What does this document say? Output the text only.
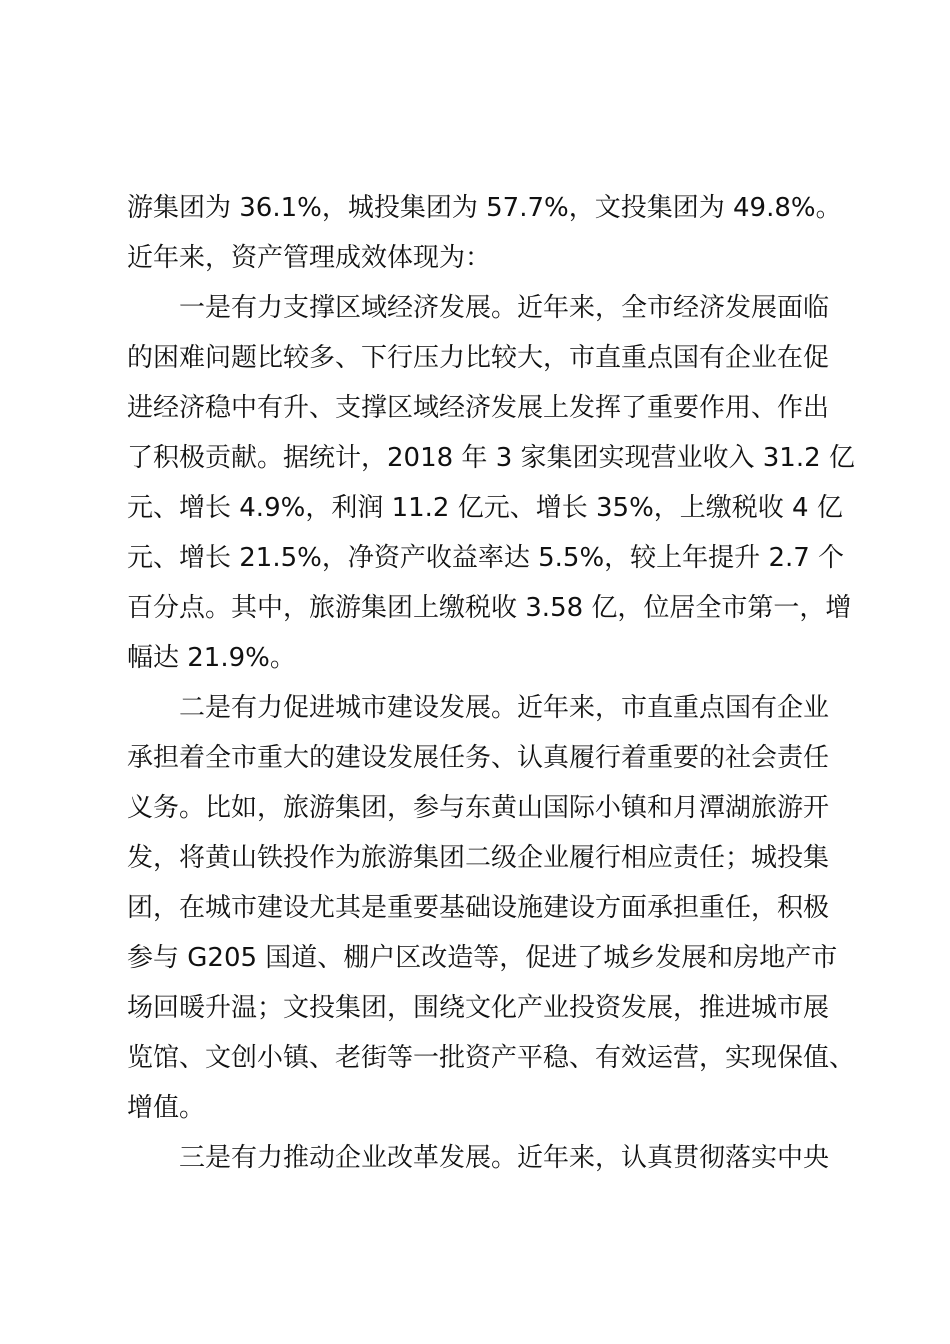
游集团为 36.1%，城投集团为 57.7%，文投集团为 49.8%。
近年来，资产管理成效体现为：
一是有力支撑区域经济发展。近年来，全市经济发展面临
的困难问题比较多、下行压力比较大，市直重点国有企业在促
进经济稳中有升、支撑区域经济发展上发挥了重要作用、作出
了积极贡献。据统计，2018 年 3 家集团实现营业收入 31.2 亿
元、增长 4.9%，利润 11.2 亿元、增长 35%，上缴税收 4 亿
元、增长 21.5%，净资产收益率达 5.5%，较上年提升 2.7 个
百分点。其中，旅游集团上缴税收 3.58 亿，位居全市第一，增
幅达 21.9%。
二是有力促进城市建设发展。近年来，市直重点国有企业
承担着全市重大的建设发展任务、认真履行着重要的社会责任
义务。比如，旅游集团，参与东黄山国际小镇和月潭湖旅游开
发，将黄山铁投作为旅游集团二级企业履行相应责任；城投集
团，在城市建设尤其是重要基础设施建设方面承担重任，积极
参与 G205 国道、棚户区改造等，促进了城乡发展和房地产市
场回暖升温；文投集团，围绕文化产业投资发展，推进城市展
览馆、文创小镇、老街等一批资产平稳、有效运营，实现保值、
增值。
三是有力推动企业改革发展。近年来，认真贯彻落实中央
